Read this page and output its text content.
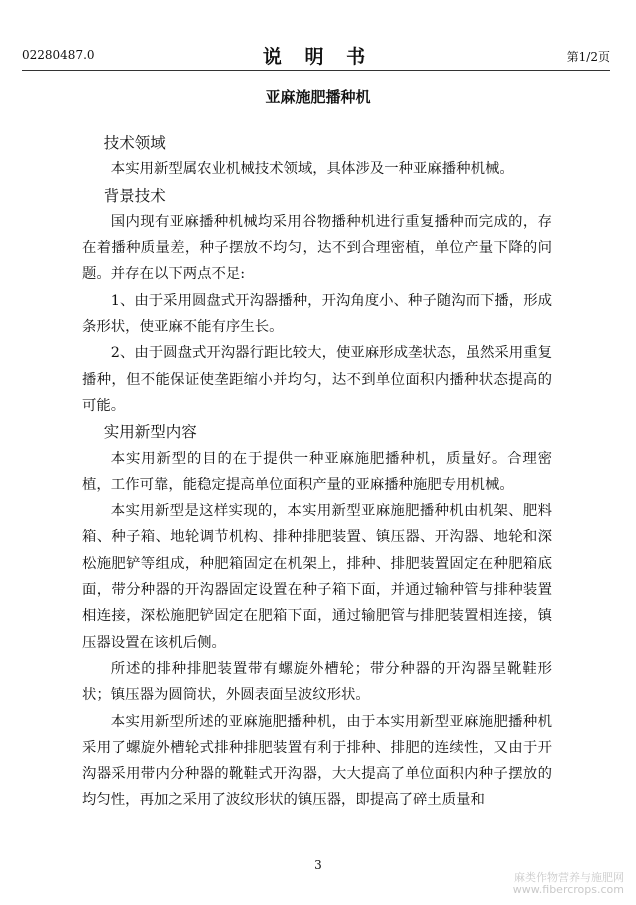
02280487.0	说 明 书	第1/2页
亚麻施肥播种机
技术领域

本实用新型属农业机械技术领域，具体涉及一种亚麻播种机械。

背景技术

国内现有亚麻播种机械均采用谷物播种机进行重复播种而完成的，存在着播种质量差，种子摆放不均匀，达不到合理密植，单位产量下降的问题。并存在以下两点不足:

1、由于采用圆盘式开沟器播种，开沟角度小、种子随沟而下播，形成条形状，使亚麻不能有序生长。

2、由于圆盘式开沟器行距比较大，使亚麻形成垄状态，虽然采用重复播种，但不能保证使垄距缩小并均匀，达不到单位面积内播种状态提高的可能。

实用新型内容

本实用新型的目的在于提供一种亚麻施肥播种机，质量好。合理密植，工作可靠，能稳定提高单位面积产量的亚麻播种施肥专用机械。

本实用新型是这样实现的，本实用新型亚麻施肥播种机由机架、肥料箱、种子箱、地轮调节机构、排种排肥装置、镇压器、开沟器、地轮和深松施肥铲等组成，种肥箱固定在机架上，排种、排肥装置固定在种肥箱底面，带分种器的开沟器固定设置在种子箱下面，并通过输种管与排种装置相连接，深松施肥铲固定在肥箱下面，通过输肥管与排肥装置相连接，镇压器设置在该机后侧。

所述的排种排肥装置带有螺旋外槽轮；带分种器的开沟器呈靴鞋形状；镇压器为圆筒状，外圆表面呈波纹形状。

本实用新型所述的亚麻施肥播种机，由于本实用新型亚麻施肥播种机采用了螺旋外槽轮式排种排肥装置有利于排种、排肥的连续性，又由于开沟器采用带内分种器的靴鞋式开沟器，大大提高了单位面积内种子摆放的均匀性，再加之采用了波纹形状的镇压器，即提高了碎土质量和

3
麻类作物营养与施肥网
www.fibercrops.com
